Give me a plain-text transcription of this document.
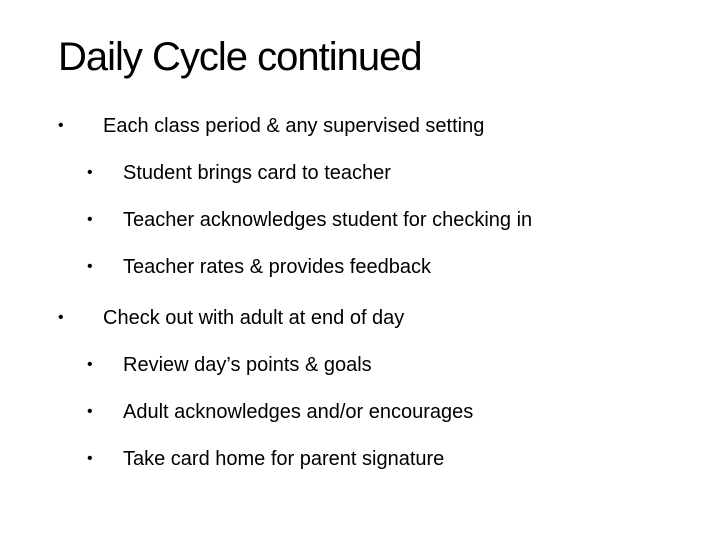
Daily Cycle continued
• Each class period & any supervised setting
• Student brings card to teacher
• Teacher acknowledges student for checking in
• Teacher rates & provides feedback
• Check out with adult at end of day
• Review day’s points & goals
• Adult acknowledges and/or encourages
• Take card home for parent signature
